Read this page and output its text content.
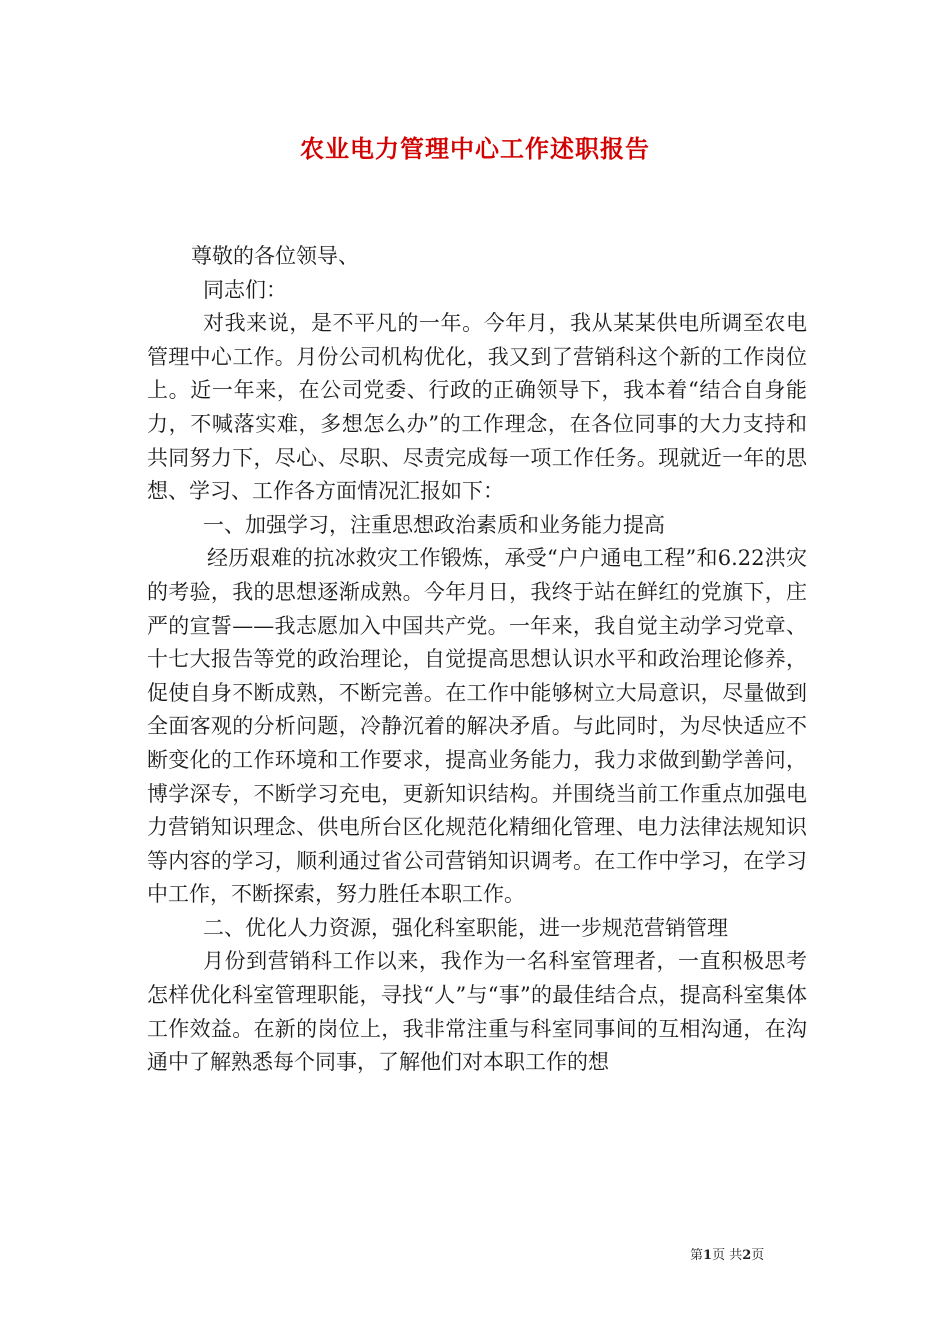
农业电力管理中心工作述职报告

尊敬的各位领导、

同志们：

对我来说，是不平凡的一年。今年月，我从某某供电所调至农电管理中心工作。月份公司机构优化，我又到了营销科这个新的工作岗位上。近一年来，在公司党委、行政的正确领导下，我本着“结合自身能力，不喊落实难，多想怎么办”的工作理念，在各位同事的大力支持和共同努力下，尽心、尽职、尽责完成每一项工作任务。现就近一年的思想、学习、工作各方面情况汇报如下：

一、加强学习，注重思想政治素质和业务能力提高

经历艰难的抗冰救灾工作锻炼，承受“户户通电工程”和6.22洪灾的考验，我的思想逐渐成熟。今年月日，我终于站在鲜红的党旗下，庄严的宣誓——我志愿加入中国共产党。一年来，我自觉主动学习党章、十七大报告等党的政治理论，自觉提高思想认识水平和政治理论修养，促使自身不断成熟，不断完善。在工作中能够树立大局意识，尽量做到全面客观的分析问题，冷静沉着的解决矛盾。与此同时，为尽快适应不断变化的工作环境和工作要求，提高业务能力，我力求做到勤学善问，博学深专，不断学习充电，更新知识结构。并围绕当前工作重点加强电力营销知识理念、供电所台区化规范化精细化管理、电力法律法规知识等内容的学习，顺利通过省公司营销知识调考。在工作中学习，在学习中工作，不断探索，努力胜任本职工作。

二、优化人力资源，强化科室职能，进一步规范营销管理

月份到营销科工作以来，我作为一名科室管理者，一直积极思考怎样优化科室管理职能，寻找“人”与“事”的最佳结合点，提高科室集体工作效益。在新的岗位上，我非常注重与科室同事间的互相沟通，在沟通中了解熟悉每个同事，了解他们对本职工作的想

第1页 共2页
